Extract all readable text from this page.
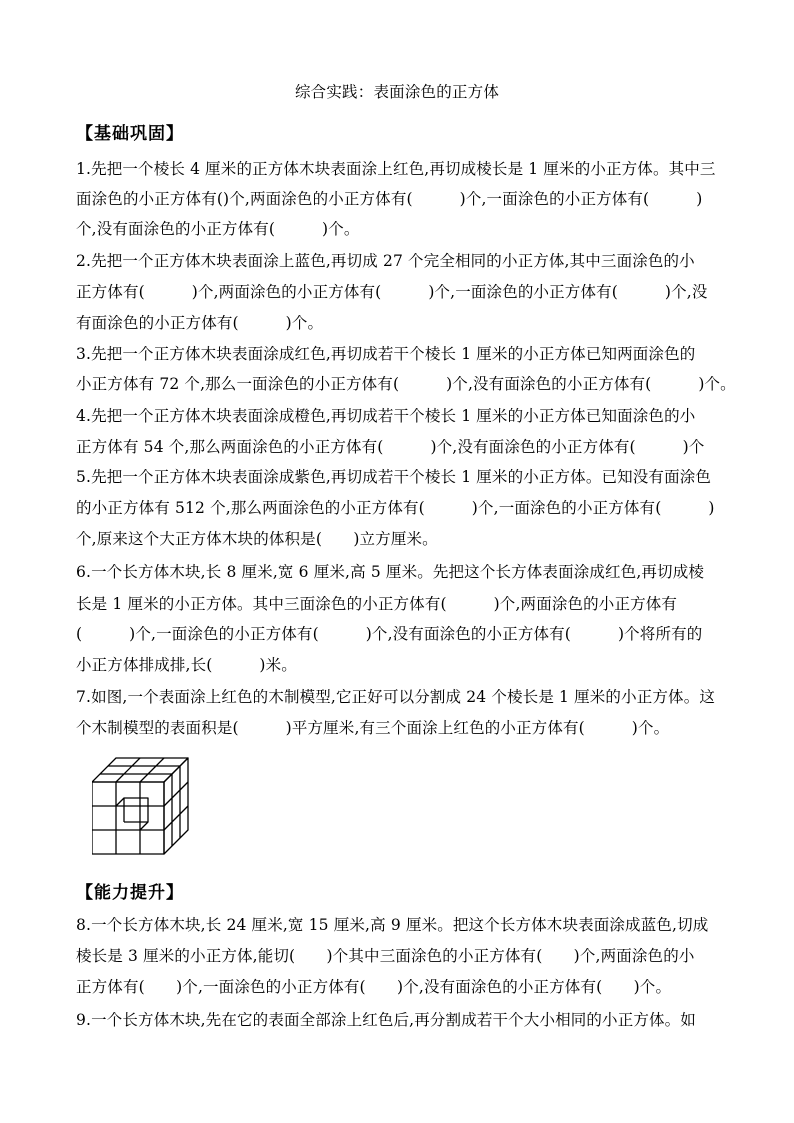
综合实践：表面涂色的正方体
【基础巩固】
1.先把一个棱长 4 厘米的正方体木块表面涂上红色,再切成棱长是 1 厘米的小正方体。其中三
面涂色的小正方体有()个,两面涂色的小正方体有(　　　)个,一面涂色的小正方体有(　　　)
个,没有面涂色的小正方体有(　　　)个。
2.先把一个正方体木块表面涂上蓝色,再切成 27 个完全相同的小正方体,其中三面涂色的小
正方体有(　　　)个,两面涂色的小正方体有(　　　)个,一面涂色的小正方体有(　　　)个,没
有面涂色的小正方体有(　　　)个。
3.先把一个正方体木块表面涂成红色,再切成若干个棱长 1 厘米的小正方体已知两面涂色的
小正方体有 72 个,那么一面涂色的小正方体有(　　　)个,没有面涂色的小正方体有(　　　)个。
4.先把一个正方体木块表面涂成橙色,再切成若干个棱长 1 厘米的小正方体已知面涂色的小
正方体有 54 个,那么两面涂色的小正方体有(　　　)个,没有面涂色的小正方体有(　　　)个
5.先把一个正方体木块表面涂成紫色,再切成若干个棱长 1 厘米的小正方体。已知没有面涂色
的小正方体有 512 个,那么两面涂色的小正方体有(　　　)个,一面涂色的小正方体有(　　　)
个,原来这个大正方体木块的体积是(　　)立方厘米。
6.一个长方体木块,长 8 厘米,宽 6 厘米,高 5 厘米。先把这个长方体表面涂成红色,再切成棱
长是 1 厘米的小正方体。其中三面涂色的小正方体有(　　　)个,两面涂色的小正方体有
(　　　)个,一面涂色的小正方体有(　　　)个,没有面涂色的小正方体有(　　　)个将所有的
小正方体排成排,长(　　　)米。
7.如图,一个表面涂上红色的木制模型,它正好可以分割成 24 个棱长是 1 厘米的小正方体。这
个木制模型的表面积是(　　　)平方厘米,有三个面涂上红色的小正方体有(　　　)个。
【能力提升】
8.一个长方体木块,长 24 厘米,宽 15 厘米,高 9 厘米。把这个长方体木块表面涂成蓝色,切成
棱长是 3 厘米的小正方体,能切(　　)个其中三面涂色的小正方体有(　　)个,两面涂色的小
正方体有(　　)个,一面涂色的小正方体有(　　)个,没有面涂色的小正方体有(　　)个。
9.一个长方体木块,先在它的表面全部涂上红色后,再分割成若干个大小相同的小正方体。如
